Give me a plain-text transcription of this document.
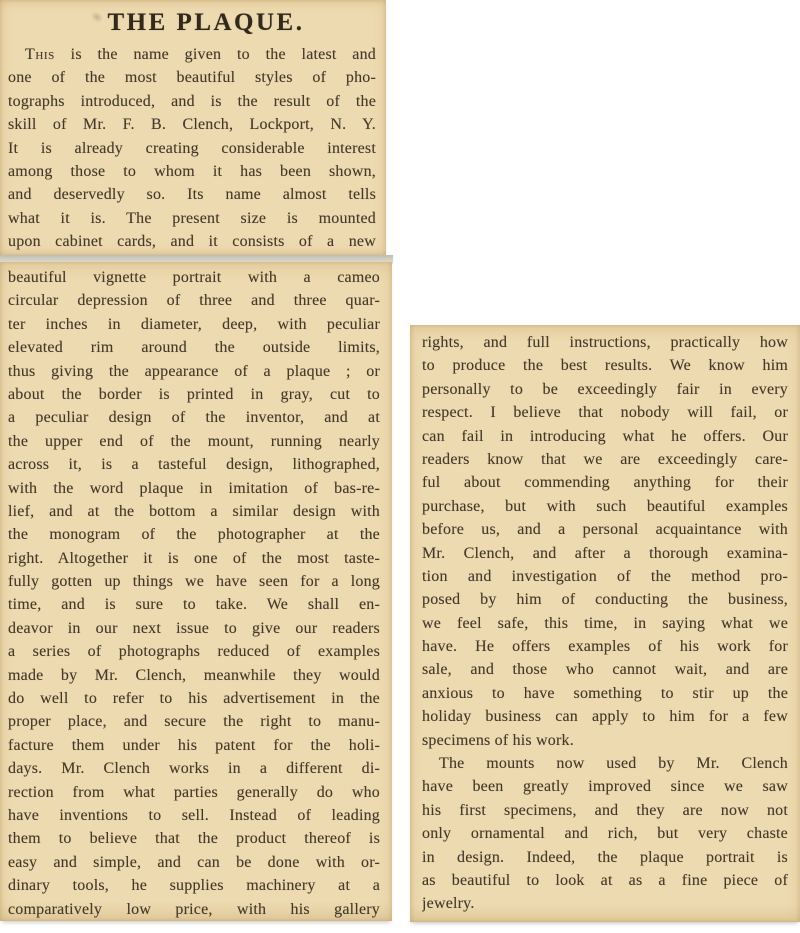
THE PLAQUE.
This is the name given to the latest and
one of the most beautiful styles of pho-
tographs introduced, and is the result of the
skill of Mr. F. B. Clench, Lockport, N. Y.
It is already creating considerable interest
among those to whom it has been shown,
and deservedly so. Its name almost tells
what it is. The present size is mounted
upon cabinet cards, and it consists of a new
beautiful vignette portrait with a cameo
circular depression of three and three quar-
ter inches in diameter, deep, with peculiar
elevated rim around the outside limits,
thus giving the appearance of a plaque ; or
about the border is printed in gray, cut to
a peculiar design of the inventor, and at
the upper end of the mount, running nearly
across it, is a tasteful design, lithographed,
with the word plaque in imitation of bas-re-
lief, and at the bottom a similar design with
the monogram of the photographer at the
right. Altogether it is one of the most taste-
fully gotten up things we have seen for a long
time, and is sure to take. We shall en-
deavor in our next issue to give our readers
a series of photographs reduced of examples
made by Mr. Clench, meanwhile they would
do well to refer to his advertisement in the
proper place, and secure the right to manu-
facture them under his patent for the holi-
days. Mr. Clench works in a different di-
rection from what parties generally do who
have inventions to sell. Instead of leading
them to believe that the product thereof is
easy and simple, and can be done with or-
dinary tools, he supplies machinery at a
comparatively low price, with his gallery
rights, and full instructions, practically how
to produce the best results. We know him
personally to be exceedingly fair in every
respect. I believe that nobody will fail, or
can fail in introducing what he offers. Our
readers know that we are exceedingly care-
ful about commending anything for their
purchase, but with such beautiful examples
before us, and a personal acquaintance with
Mr. Clench, and after a thorough examina-
tion and investigation of the method pro-
posed by him of conducting the business,
we feel safe, this time, in saying what we
have. He offers examples of his work for
sale, and those who cannot wait, and are
anxious to have something to stir up the
holiday business can apply to him for a few
specimens of his work.
The mounts now used by Mr. Clench
have been greatly improved since we saw
his first specimens, and they are now not
only ornamental and rich, but very chaste
in design. Indeed, the plaque portrait is
as beautiful to look at as a fine piece of
jewelry.
